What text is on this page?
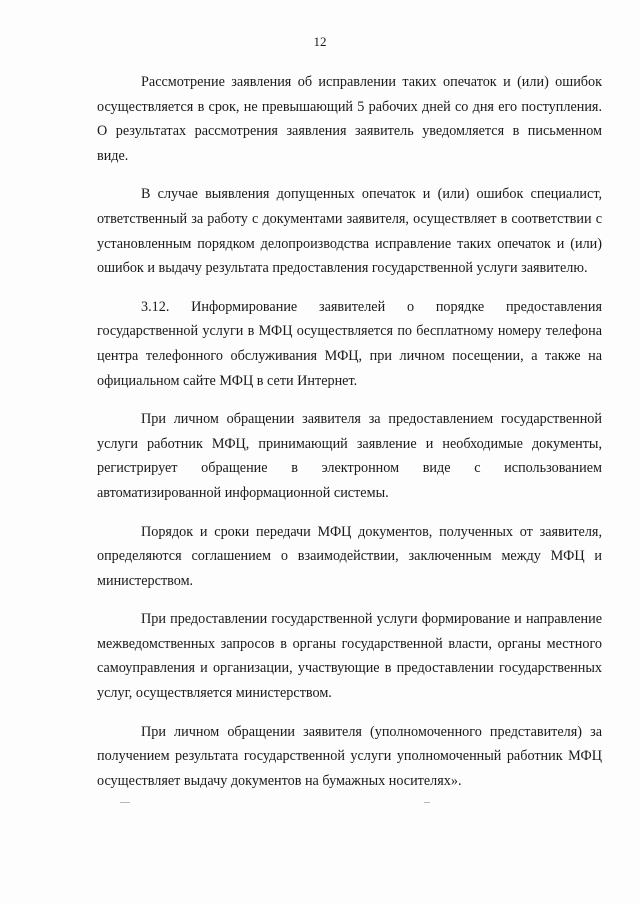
12

Рассмотрение заявления об исправлении таких опечаток и (или) ошибок осуществляется в срок, не превышающий 5 рабочих дней со дня его поступления. О результатах рассмотрения заявления заявитель уведомляется в письменном виде.

В случае выявления допущенных опечаток и (или) ошибок специалист, ответственный за работу с документами заявителя, осуществляет в соответствии с установленным порядком делопроизводства исправление таких опечаток и (или) ошибок и выдачу результата предоставления государственной услуги заявителю.

3.12. Информирование заявителей о порядке предоставления государственной услуги в МФЦ осуществляется по бесплатному номеру телефона центра телефонного обслуживания МФЦ, при личном посещении, а также на официальном сайте МФЦ в сети Интернет.

При личном обращении заявителя за предоставлением государственной услуги работник МФЦ, принимающий заявление и необходимые документы, регистрирует обращение в электронном виде с использованием автоматизированной информационной системы.

Порядок и сроки передачи МФЦ документов, полученных от заявителя, определяются соглашением о взаимодействии, заключенным между МФЦ и министерством.

При предоставлении государственной услуги формирование и направление межведомственных запросов в органы государственной власти, органы местного самоуправления и организации, участвующие в предоставлении государственных услуг, осуществляется министерством.

При личном обращении заявителя (уполномоченного представителя) за получением результата государственной услуги уполномоченный работник МФЦ осуществляет выдачу документов на бумажных носителях».
